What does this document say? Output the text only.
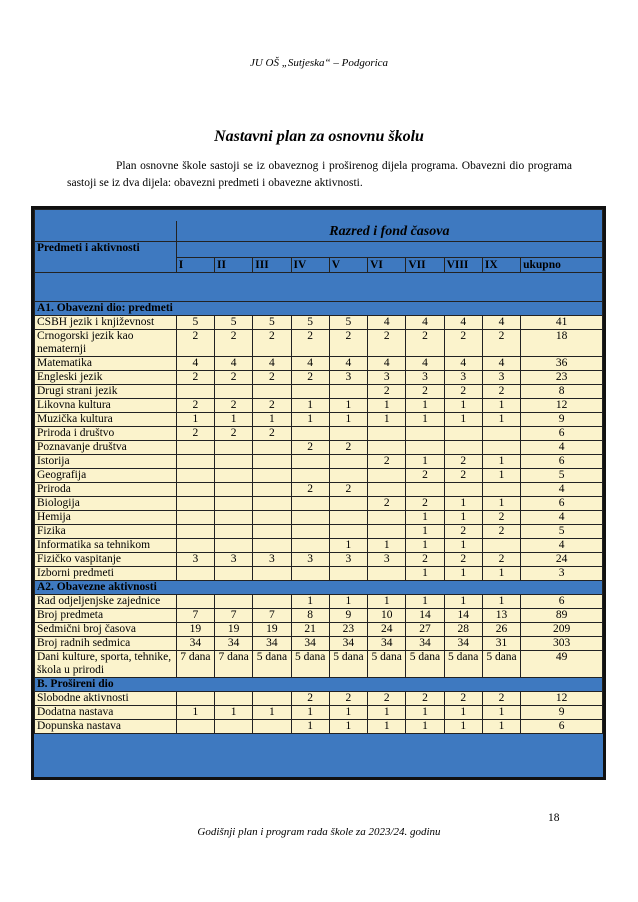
JU OŠ „Sutjeska“ – Podgorica
Nastavni plan za osnovnu školu

Plan osnovne škole sastoji se iz obaveznog i proširenog dijela programa. Obavezni dio programa sastoji se iz dva dijela: obavezni predmeti i obavezne aktivnosti.

	Razred i fond časova									
Predmeti i aktivnosti										
	I	II	III	IV	V	VI	VII	VIII	IX	ukupno

A1. Obavezni dio: predmeti										
CSBH jezik i književnost	5	5	5	5	5	4	4	4	4	41
Crnogorski jezik kao nematernji	2	2	2	2	2	2	2	2	2	18
Matematika	4	4	4	4	4	4	4	4	4	36
Engleski jezik	2	2	2	2	3	3	3	3	3	23
Drugi strani jezik						2	2	2	2	8
Likovna kultura	2	2	2	1	1	1	1	1	1	12
Muzička kultura	1	1	1	1	1	1	1	1	1	9
Priroda i društvo	2	2	2							6
Poznavanje društva				2	2					4
Istorija						2	1	2	1	6
Geografija							2	2	1	5
Priroda				2	2					4
Biologija						2	2	1	1	6
Hemija							1	1	2	4
Fizika							1	2	2	5
Informatika sa tehnikom					1	1	1	1		4
Fizičko vaspitanje	3	3	3	3	3	3	2	2	2	24
Izborni predmeti							1	1	1	3
A2. Obavezne aktivnosti										
Rad odjeljenjske zajednice				1	1	1	1	1	1	6
Broj predmeta	7	7	7	8	9	10	14	14	13	89
Sedmični broj časova	19	19	19	21	23	24	27	28	26	209
Broj radnih sedmica	34	34	34	34	34	34	34	34	31	303
Dani kulture, sporta, tehnike, škola u prirodi	7 dana	7 dana	5 dana	5 dana	5 dana	5 dana	5 dana	5 dana	5 dana	49
B. Prošireni dio										
Slobodne aktivnosti				2	2	2	2	2	2	12
Dodatna nastava	1	1	1	1	1	1	1	1	1	9
Dopunska nastava				1	1	1	1	1	1	6
18
Godišnji plan i program rada škole za 2023/24. godinu
